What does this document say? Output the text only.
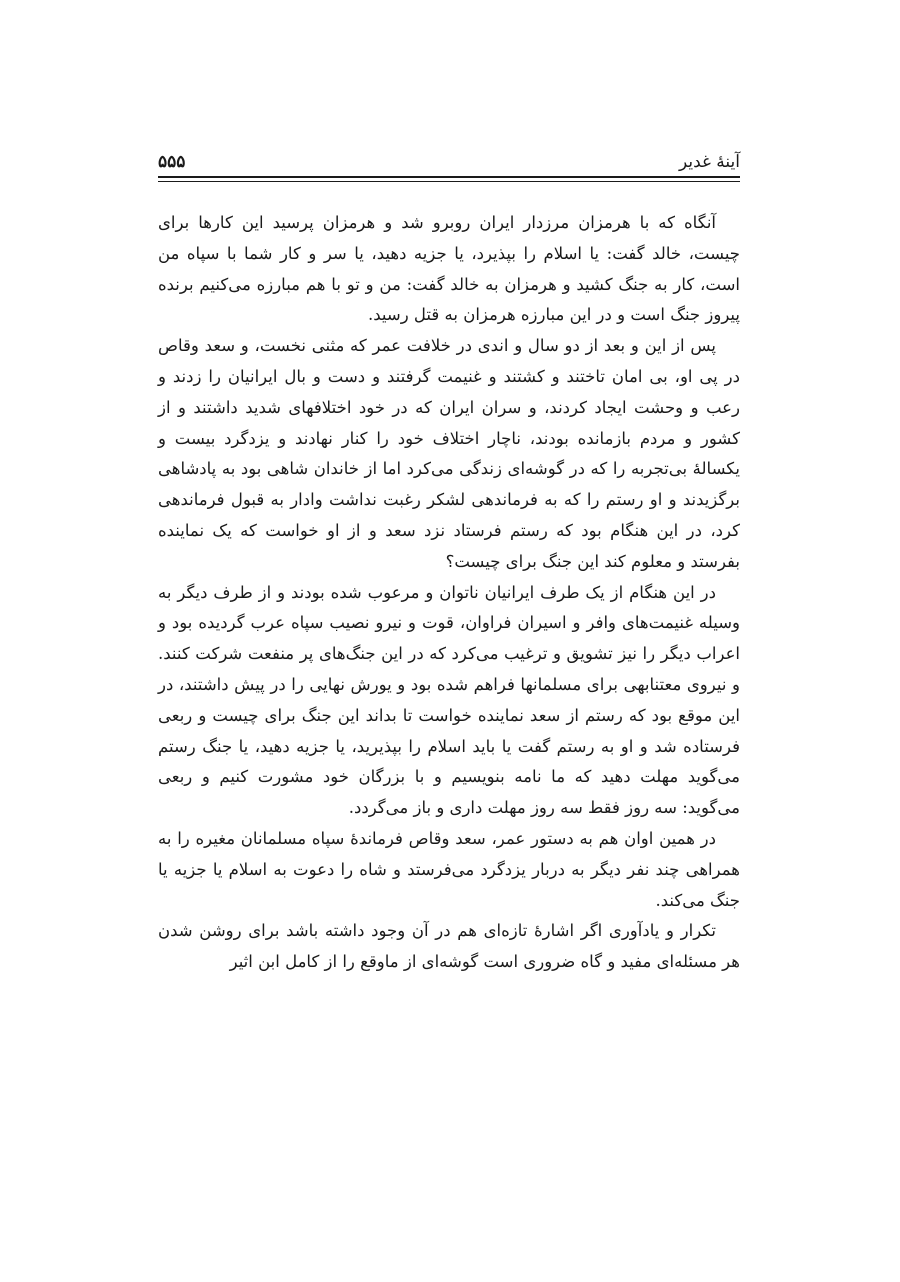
آینهٔ غدیر
۵۵۵

آنگاه که با هرمزان مرزدار ایران روبرو شد و هرمزان پرسید این کارها برای چیست، خالد گفت: یا اسلام را بپذیرد، یا جزیه دهید، یا سر و کار شما با سپاه من است، کار به جنگ کشید و هرمزان به خالد گفت: من و تو با هم مبارزه می‌کنیم برنده پیروز جنگ است و در این مبارزه هرمزان به قتل رسید.

پس از این و بعد از دو سال و اندی در خلافت عمر که مثنی نخست، و سعد وقاص در پی او، بی امان تاختند و کشتند و غنیمت گرفتند و دست و بال ایرانیان را زدند و رعب و وحشت ایجاد کردند، و سران ایران که در خود اختلافهای شدید داشتند و از کشور و مردم بازمانده بودند، ناچار اختلاف خود را کنار نهادند و یزدگرد بیست و یکسالهٔ بی‌تجربه را که در گوشه‌ای زندگی می‌کرد اما از خاندان شاهی بود به پادشاهی برگزیدند و او رستم را که به فرماندهی لشکر رغبت نداشت وادار به قبول فرماندهی کرد، در این هنگام بود که رستم فرستاد نزد سعد و از او خواست که یک نماینده بفرستد و معلوم کند این جنگ برای چیست؟

در این هنگام از یک طرف ایرانیان ناتوان و مرعوب شده بودند و از طرف دیگر به وسیله غنیمت‌های وافر و اسیران فراوان، قوت و نیرو نصیب سپاه عرب گردیده بود و اعراب دیگر را نیز تشویق و ترغیب می‌کرد که در این جنگ‌های پر منفعت شرکت کنند. و نیروی معتنابهی برای مسلمانها فراهم شده بود و یورش نهایی را در پیش داشتند، در این موقع بود که رستم از سعد نماینده خواست تا بداند این جنگ برای چیست و ربعی فرستاده شد و او به رستم گفت یا باید اسلام را بپذیرید، یا جزیه دهید، یا جنگ رستم می‌گوید مهلت دهید که ما نامه بنویسیم و با بزرگان خود مشورت کنیم و ربعی می‌گوید: سه روز فقط سه روز مهلت داری و باز می‌گردد.

در همین اوان هم به دستور عمر، سعد وقاص فرماندهٔ سپاه مسلمانان مغیره را به همراهی چند نفر دیگر به دربار یزدگرد می‌فرستد و شاه را دعوت به اسلام یا جزیه یا جنگ می‌کند.

تکرار و یادآوری اگر اشارهٔ تازه‌ای هم در آن وجود داشته باشد برای روشن شدن هر مسئله‌ای مفید و گاه ضروری است گوشه‌ای از ماوقع را از کامل ابن اثیر
